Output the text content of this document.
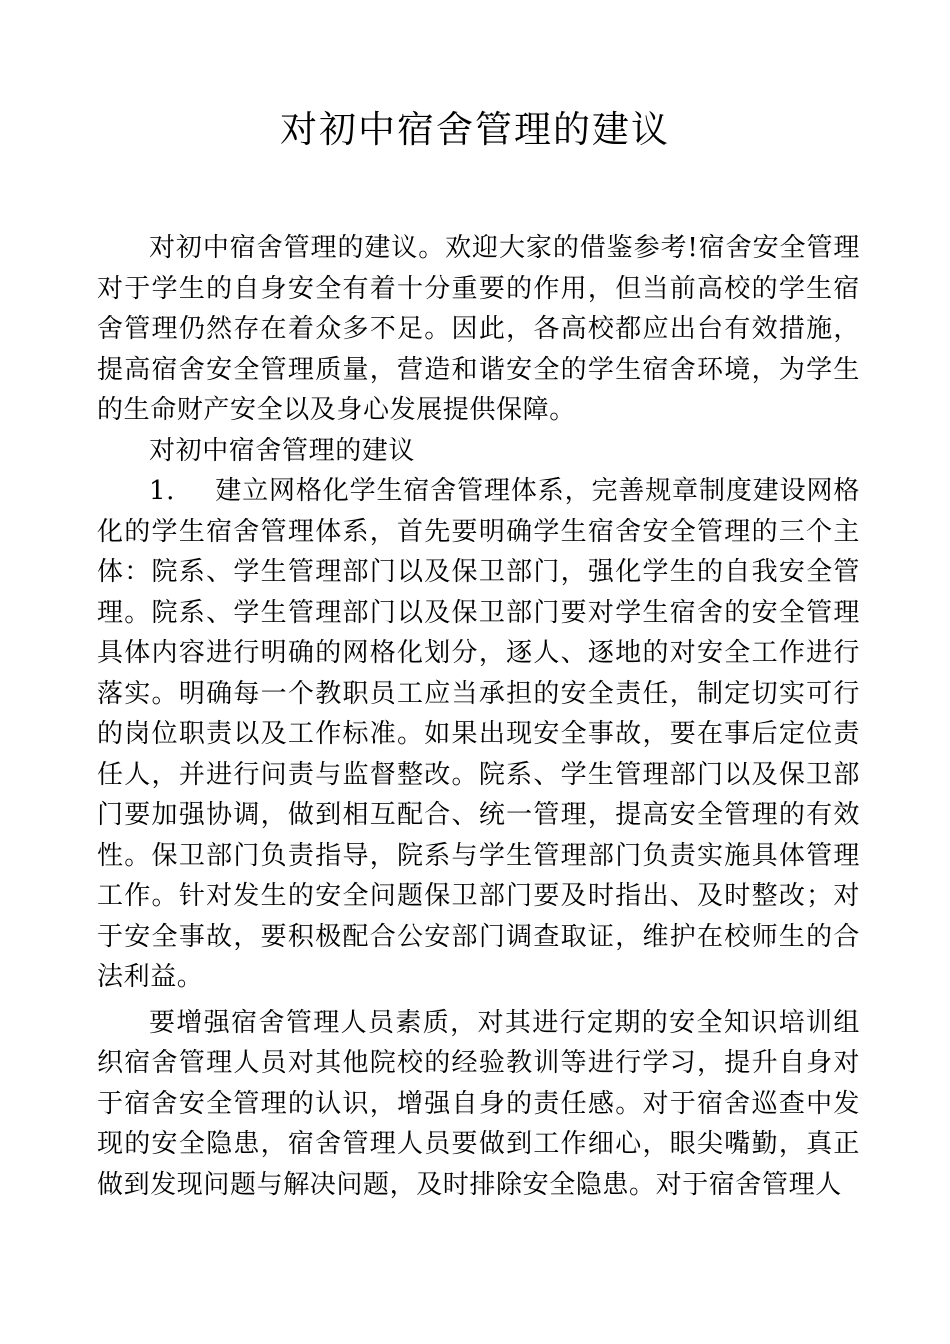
对初中宿舍管理的建议

对初中宿舍管理的建议。欢迎大家的借鉴参考!宿舍安全管理对于学生的自身安全有着十分重要的作用，但当前高校的学生宿舍管理仍然存在着众多不足。因此，各高校都应出台有效措施，提高宿舍安全管理质量，营造和谐安全的学生宿舍环境，为学生的生命财产安全以及身心发展提供保障。

对初中宿舍管理的建议

1. 建立网格化学生宿舍管理体系，完善规章制度建设网格化的学生宿舍管理体系，首先要明确学生宿舍安全管理的三个主体：院系、学生管理部门以及保卫部门，强化学生的自我安全管理。院系、学生管理部门以及保卫部门要对学生宿舍的安全管理具体内容进行明确的网格化划分，逐人、逐地的对安全工作进行落实。明确每一个教职员工应当承担的安全责任，制定切实可行的岗位职责以及工作标准。如果出现安全事故，要在事后定位责任人，并进行问责与监督整改。院系、学生管理部门以及保卫部门要加强协调，做到相互配合、统一管理，提高安全管理的有效性。保卫部门负责指导，院系与学生管理部门负责实施具体管理工作。针对发生的安全问题保卫部门要及时指出、及时整改；对于安全事故，要积极配合公安部门调查取证，维护在校师生的合法利益。

要增强宿舍管理人员素质，对其进行定期的安全知识培训组织宿舍管理人员对其他院校的经验教训等进行学习，提升自身对于宿舍安全管理的认识，增强自身的责任感。对于宿舍巡查中发现的安全隐患，宿舍管理人员要做到工作细心，眼尖嘴勤，真正做到发现问题与解决问题，及时排除安全隐患。对于宿舍管理人
